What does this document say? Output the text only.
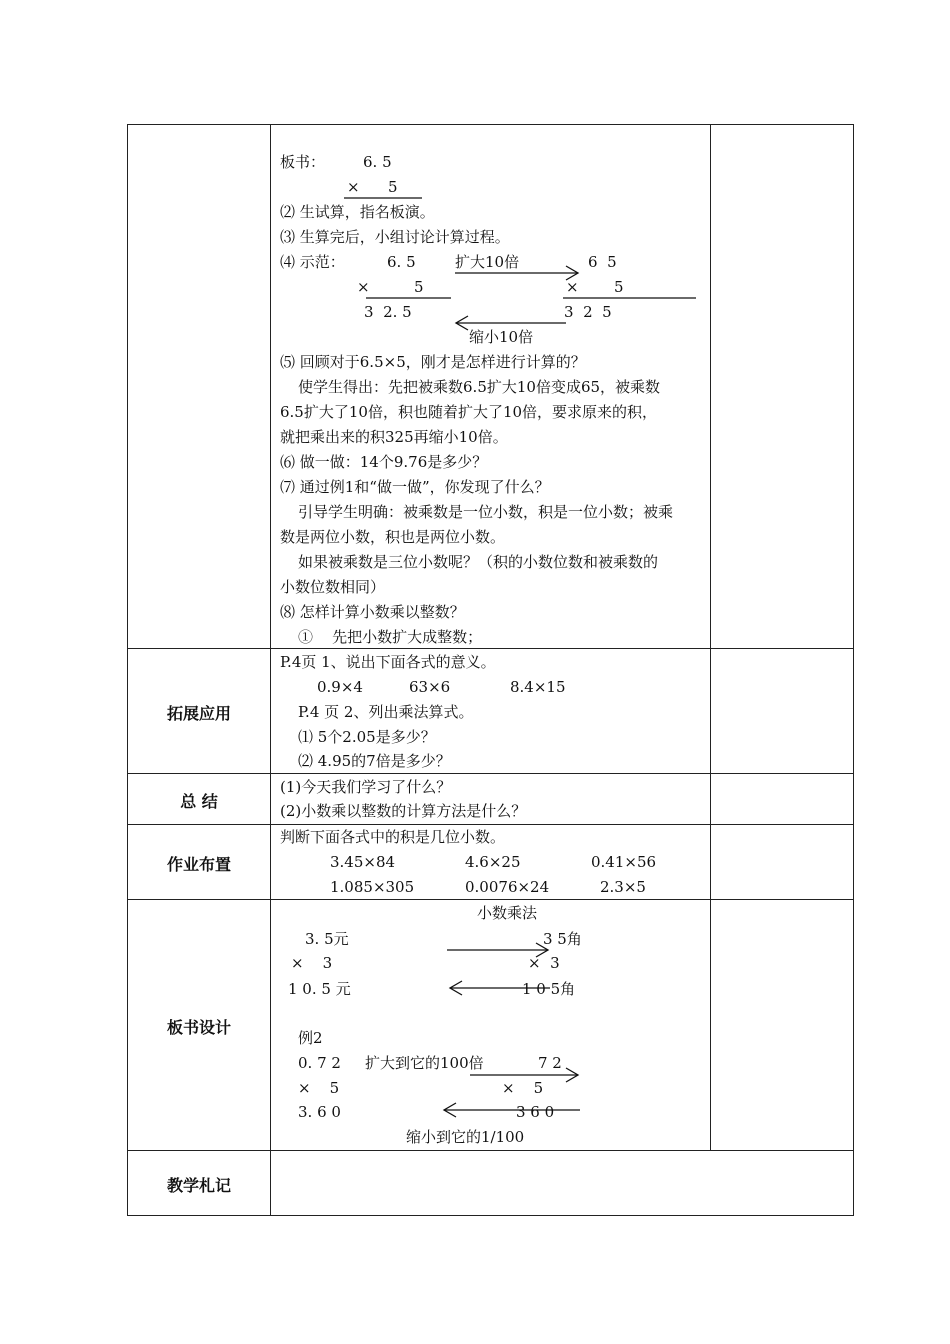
板书：	6. 5
× 5
⑵ 生试算，指名板演。
⑶ 生算完后，小组讨论计算过程。
⑷ 示范：	6. 5	扩大10倍	6  5
×	5	× 5
3  2. 5	3  2  5
缩小10倍
⑸ 回顾对于6.5×5，刚才是怎样进行计算的？
使学生得出：先把被乘数6.5扩大10倍变成65，被乘数
6.5扩大了10倍，积也随着扩大了10倍，要求原来的积，
就把乘出来的积325再缩小10倍。
⑹ 做一做：14个9.76是多少？
⑺ 通过例1和“做一做”，你发现了什么？
引导学生明确：被乘数是一位小数，积是一位小数；被乘
数是两位小数，积也是两位小数。
如果被乘数是三位小数呢？（积的小数位数和被乘数的
小数位数相同）
⑻ 怎样计算小数乘以整数？
①    先把小数扩大成整数；
拓展应用
P.4页 1、说出下面各式的意义。
0.9×4	63×6	8.4×15
P.4 页 2、列出乘法算式。
⑴ 5个2.05是多少？
⑵ 4.95的7倍是多少？
总 结
(1)今天我们学习了什么？
(2)小数乘以整数的计算方法是什么？
作业布置
判断下面各式中的积是几位小数。
3.45×84	4.6×25	0.41×56
1.085×305	0.0076×24	2.3×5
板书设计
小数乘法
3. 5元	3 5角
×    3	×  3
1 0. 5 元	1 0 5角
例2
0. 7 2 扩大到它的100倍	7 2
×    5	×    5
3. 6 0	3 6 0
缩小到它的1/100
教学札记
